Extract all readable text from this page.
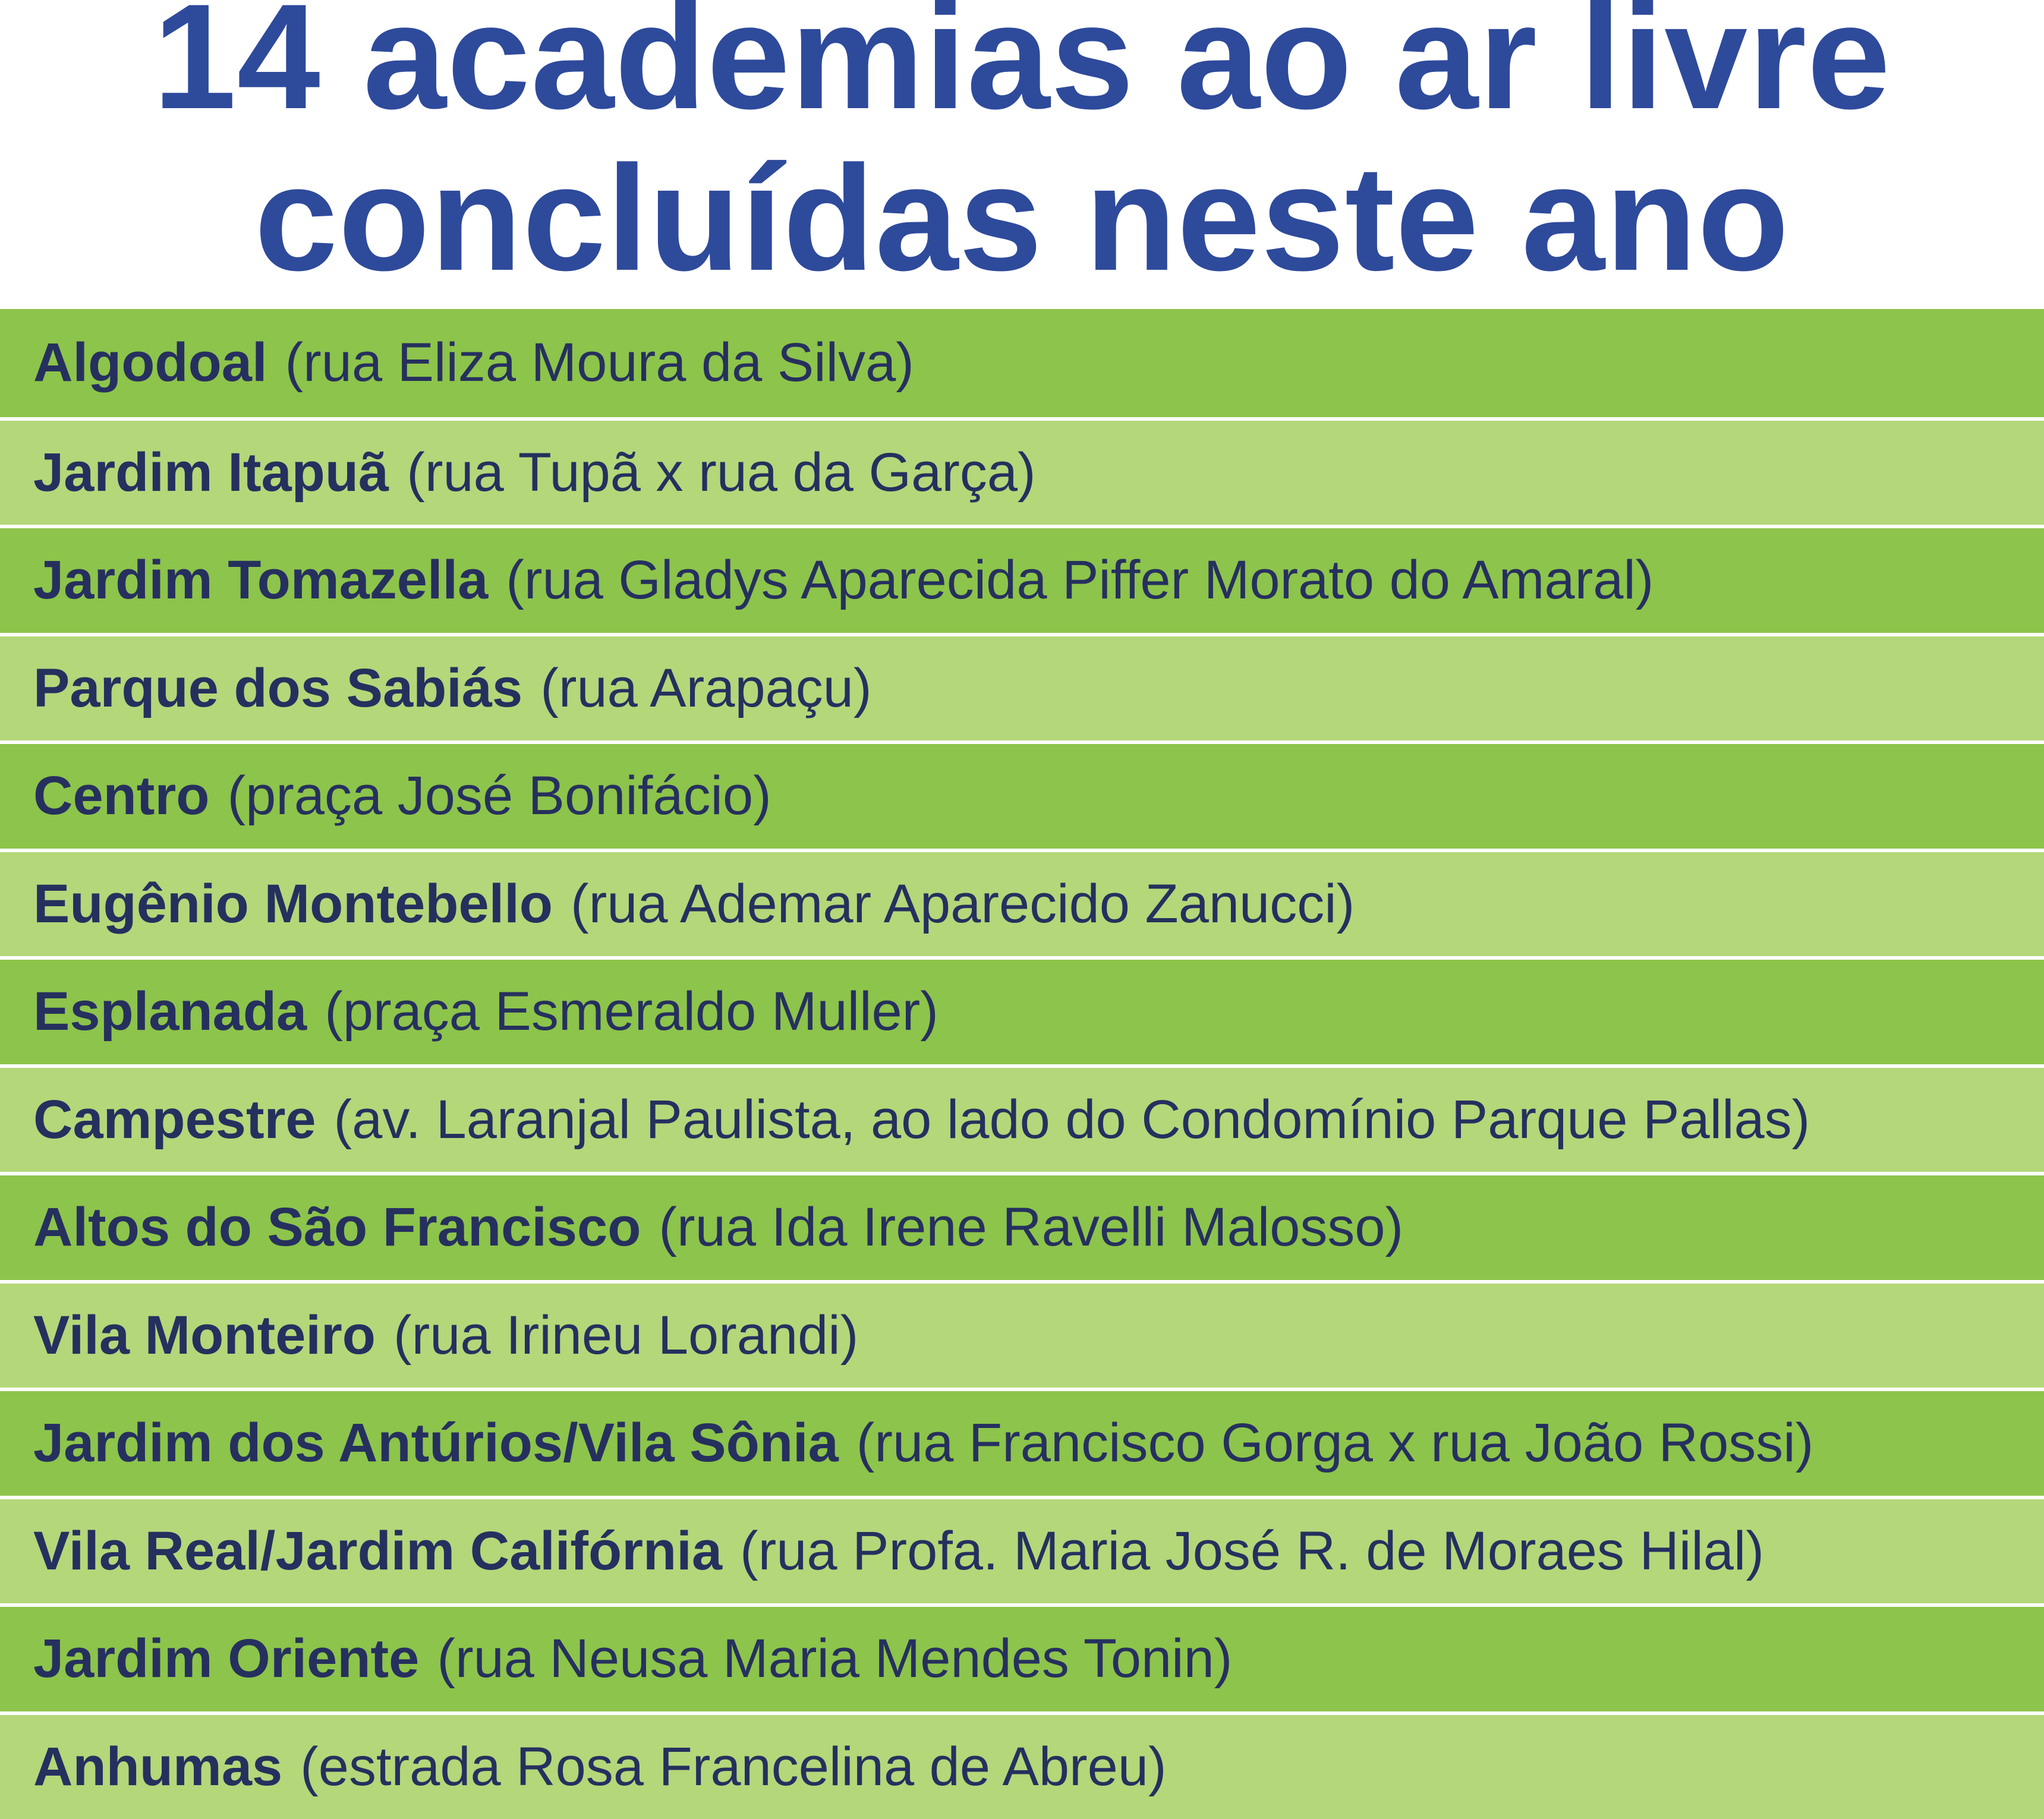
14 academias ao ar livre
concluídas neste ano
Algodoal (rua Eliza Moura da Silva)
Jardim Itapuã (rua Tupã x rua da Garça)
Jardim Tomazella (rua Gladys Aparecida Piffer Morato do Amaral)
Parque dos Sabiás (rua Arapaçu)
Centro (praça José Bonifácio)
Eugênio Montebello (rua Ademar Aparecido Zanucci)
Esplanada (praça Esmeraldo Muller)
Campestre (av. Laranjal Paulista, ao lado do Condomínio Parque Pallas)
Altos do São Francisco (rua Ida Irene Ravelli Malosso)
Vila Monteiro (rua Irineu Lorandi)
Jardim dos Antúrios/Vila Sônia (rua Francisco Gorga x rua João Rossi)
Vila Real/Jardim Califórnia (rua Profa. Maria José R. de Moraes Hilal)
Jardim Oriente (rua Neusa Maria Mendes Tonin)
Anhumas (estrada Rosa Francelina de Abreu)
